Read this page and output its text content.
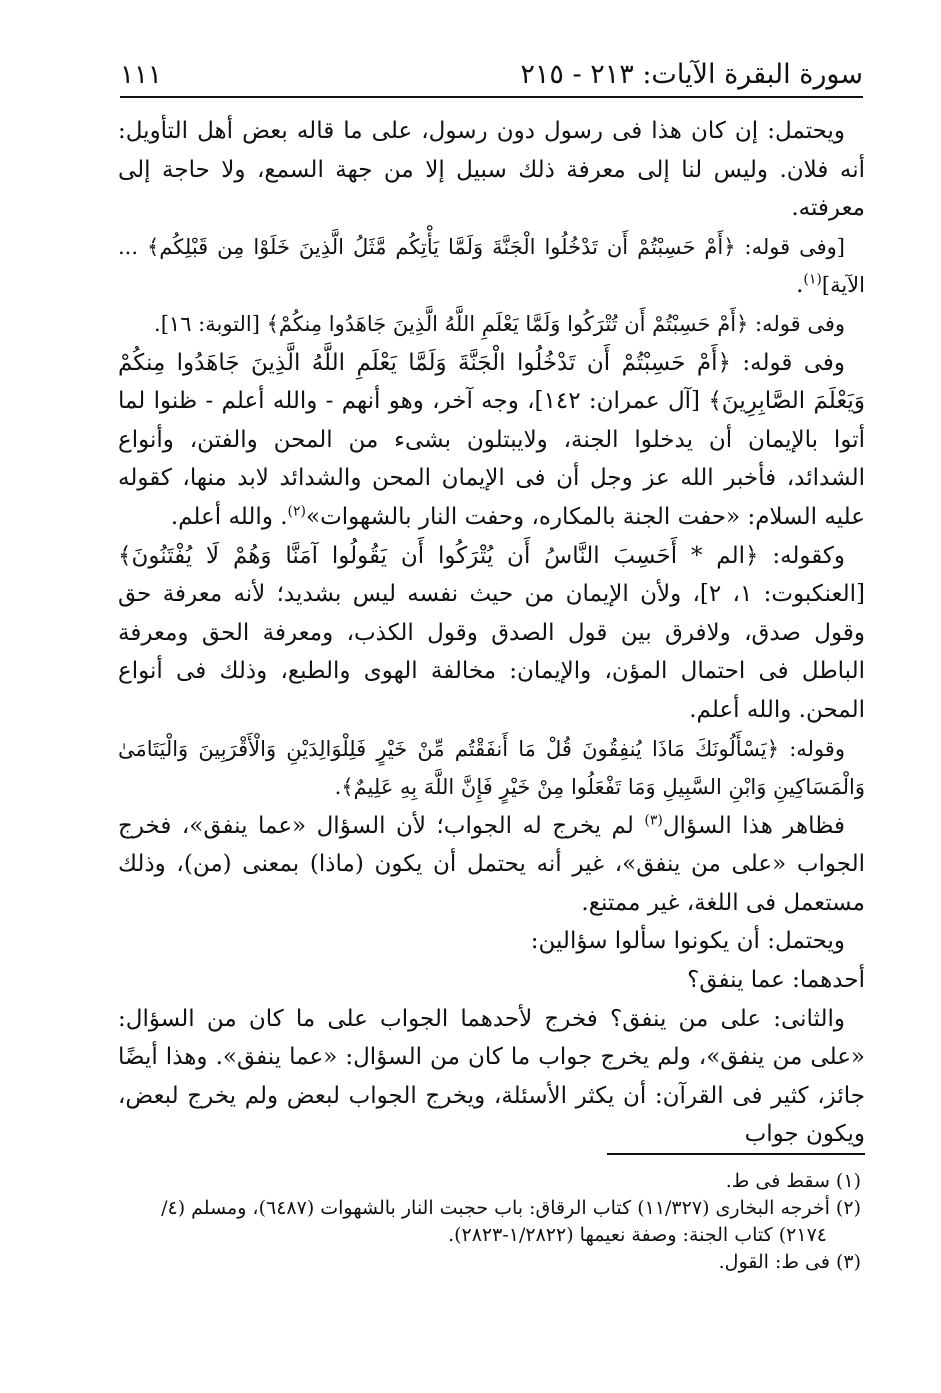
سورة البقرة الآيات: ٢١٣ - ٢١٥
١١١

ويحتمل: إن كان هذا فى رسول دون رسول، على ما قاله بعض أهل التأويل: أنه فلان. وليس لنا إلى معرفة ذلك سبيل إلا من جهة السمع، ولا حاجة إلى معرفته.

[وفى قوله: ﴿أَمْ حَسِبْتُمْ أَن تَدْخُلُوا الْجَنَّةَ وَلَمَّا يَأْتِكُم مَّثَلُ الَّذِينَ خَلَوْا مِن قَبْلِكُم﴾ ... الآية]$^{(١)}$.

وفى قوله: ﴿أَمْ حَسِبْتُمْ أَن تُتْرَكُوا وَلَمَّا يَعْلَمِ اللَّهُ الَّذِينَ جَاهَدُوا مِنكُمْ﴾ [التوبة: ١٦].

وفى قوله: ﴿أَمْ حَسِبْتُمْ أَن تَدْخُلُوا الْجَنَّةَ وَلَمَّا يَعْلَمِ اللَّهُ الَّذِينَ جَاهَدُوا مِنكُمْ وَيَعْلَمَ الصَّابِرِينَ﴾ [آل عمران: ١٤٢]، وجه آخر، وهو أنهم - والله أعلم - ظنوا لما أتوا بالإيمان أن يدخلوا الجنة، ولايبتلون بشىء من المحن والفتن، وأنواع الشدائد، فأخبر الله عز وجل أن فى الإيمان المحن والشدائد لابد منها، كقوله عليه السلام: «حفت الجنة بالمكاره، وحفت النار بالشهوات»$^{(٢)}$. والله أعلم.

وكقوله: ﴿الم * أَحَسِبَ النَّاسُ أَن يُتْرَكُوا أَن يَقُولُوا آمَنَّا وَهُمْ لَا يُفْتَنُونَ﴾ [العنكبوت: ١، ٢]، ولأن الإيمان من حيث نفسه ليس بشديد؛ لأنه معرفة حق وقول صدق، ولافرق بين قول الصدق وقول الكذب، ومعرفة الحق ومعرفة الباطل فى احتمال المؤن، والإيمان: مخالفة الهوى والطبع، وذلك فى أنواع المحن. والله أعلم.

وقوله: ﴿يَسْأَلُونَكَ مَاذَا يُنفِقُونَ قُلْ مَا أَنفَقْتُم مِّنْ خَيْرٍ فَلِلْوَالِدَيْنِ وَالْأَقْرَبِينَ وَالْيَتَامَىٰ وَالْمَسَاكِينِ وَابْنِ السَّبِيلِ وَمَا تَفْعَلُوا مِنْ خَيْرٍ فَإِنَّ اللَّهَ بِهِ عَلِيمٌ﴾.

فظاهر هذا السؤال$^{(٣)}$ لم يخرج له الجواب؛ لأن السؤال «عما ينفق»، فخرج الجواب «على من ينفق»، غير أنه يحتمل أن يكون (ماذا) بمعنى (من)، وذلك مستعمل فى اللغة، غير ممتنع.

ويحتمل: أن يكونوا سألوا سؤالين:

أحدهما: عما ينفق؟

والثانى: على من ينفق؟ فخرج لأحدهما الجواب على ما كان من السؤال: «على من ينفق»، ولم يخرج جواب ما كان من السؤال: «عما ينفق». وهذا أيضًا جائز، كثير فى القرآن: أن يكثر الأسئلة، ويخرج الجواب لبعض ولم يخرج لبعض، ويكون جواب

(١) سقط فى ط.

(٢) أخرجه البخارى (١١/٣٢٧) كتاب الرقاق: باب حجبت النار بالشهوات (٦٤٨٧)، ومسلم (٤/

٢١٧٤) كتاب الجنة: وصفة نعيمها (١/٢٨٢٢-٢٨٢٣).

(٣) فى ط: القول.
